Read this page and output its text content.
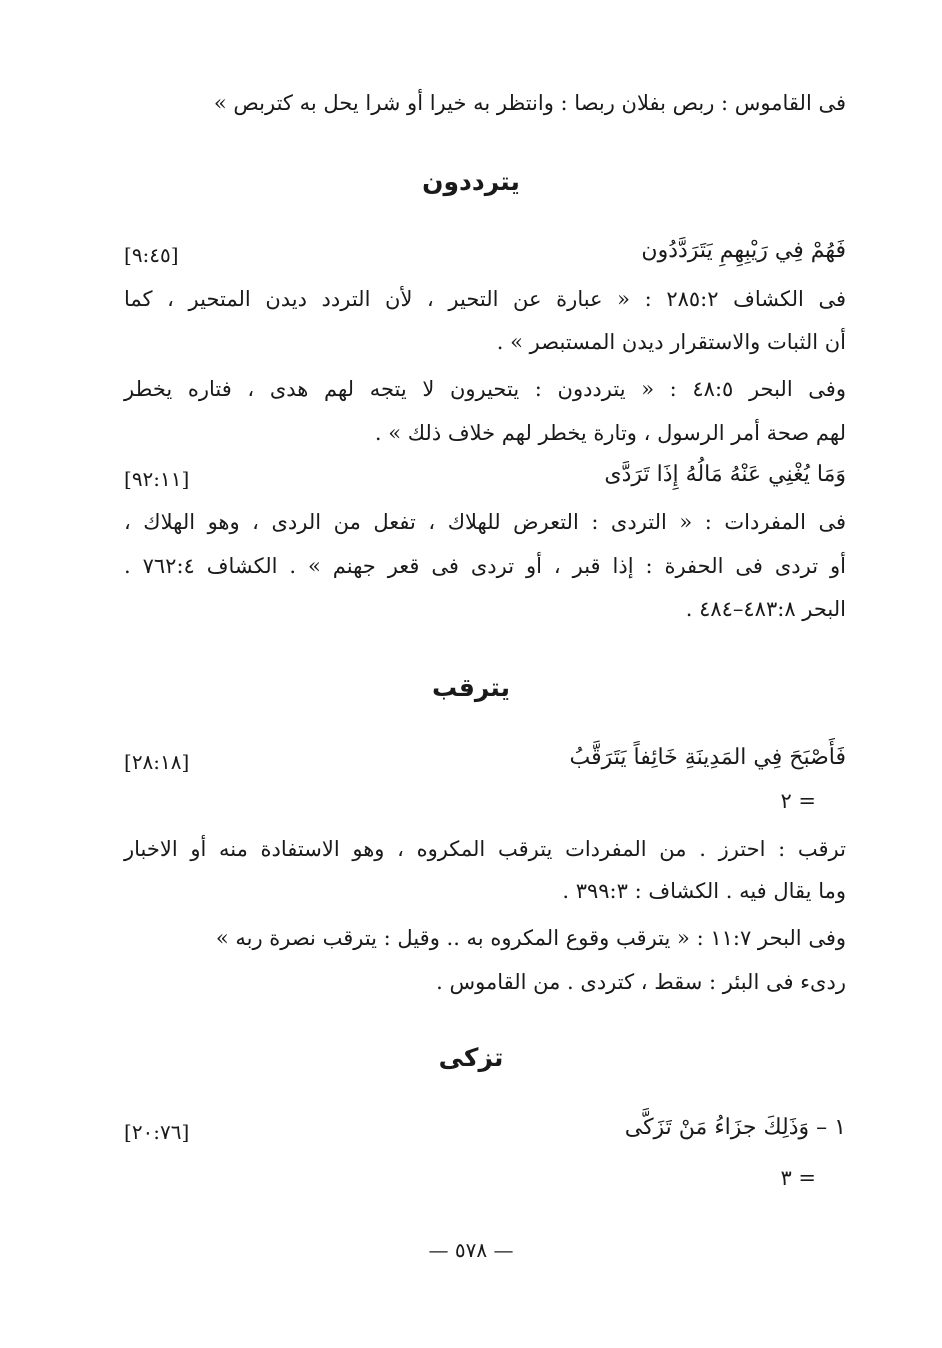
فى القاموس : ربص بفلان ربصا : وانتظر به خيرا أو شرا يحل به كتربص »
يترددون
فَهُمْ فِي رَيْبِهِمِ يَتَرَدَّدُون
[٩:٤٥]
فى الكشاف ٢٨٥:٢ : « عبارة عن التحير ، لأن التردد ديدن المتحير ، كما
أن الثبات والاستقرار ديدن المستبصر » .
وفى البحر ٤٨:٥ : « يترددون : يتحيرون لا يتجه لهم هدى ، فتاره يخطر
لهم صحة أمر الرسول ، وتارة يخطر لهم خلاف ذلك » .
وَمَا يُغْنِي عَنْهُ مَالُهُ إِذَا تَرَدَّى
[٩٢:١١]
فى المفردات : « التردى : التعرض للهلاك ، تفعل من الردى ، وهو الهلاك ،
أو تردى فى الحفرة : إذا قبر ، أو تردى فى قعر جهنم » . الكشاف ٧٦٢:٤ .
البحر ٤٨٣:٨–٤٨٤ .
يترقب
فَأَصْبَحَ فِي المَدِينَةِ خَائِفاً يَتَرَقَّبُ
[٢٨:١٨]
= ٢
ترقب : احترز . من المفردات يترقب المكروه ، وهو الاستفادة منه أو الاخبار
وما يقال فيه . الكشاف : ٣٩٩:٣ .
وفى البحر ١١:٧ : « يترقب وقوع المكروه به .. وقيل : يترقب نصرة ربه »
ردىء فى البئر : سقط ، كتردى . من القاموس .
تزكى
١ – وَذَلِكَ جزَاءُ مَنْ تَزَكَّى
[٢٠:٧٦]
= ٣
— ٥٧٨ —
